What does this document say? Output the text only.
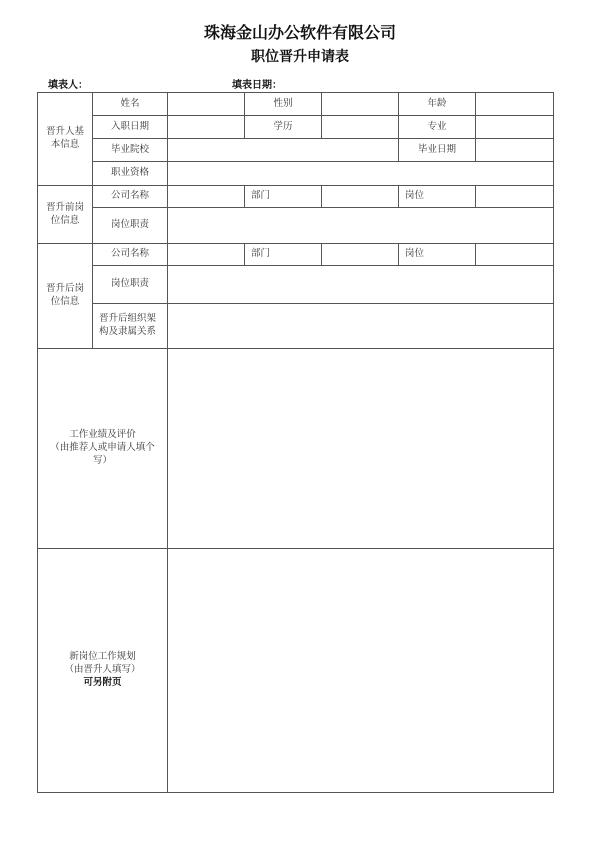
珠海金山办公软件有限公司
职位晋升申请表
填表人：	填表日期：
晋升人基
本信息	姓名		性别		年龄	
	入职日期		学历		专业	
	毕业院校				毕业日期	
	职业资格					
晋升前岗
位信息	公司名称		部门		岗位	
	岗位职责					
晋升后岗
位信息	公司名称		部门		岗位	
	岗位职责					
	晋升后组织架
构及隶属关系					
工作业绩及评价
（由推荐人或申请人填个
写）						

新岗位工作规划
（由晋升人填写）
可另附页						
